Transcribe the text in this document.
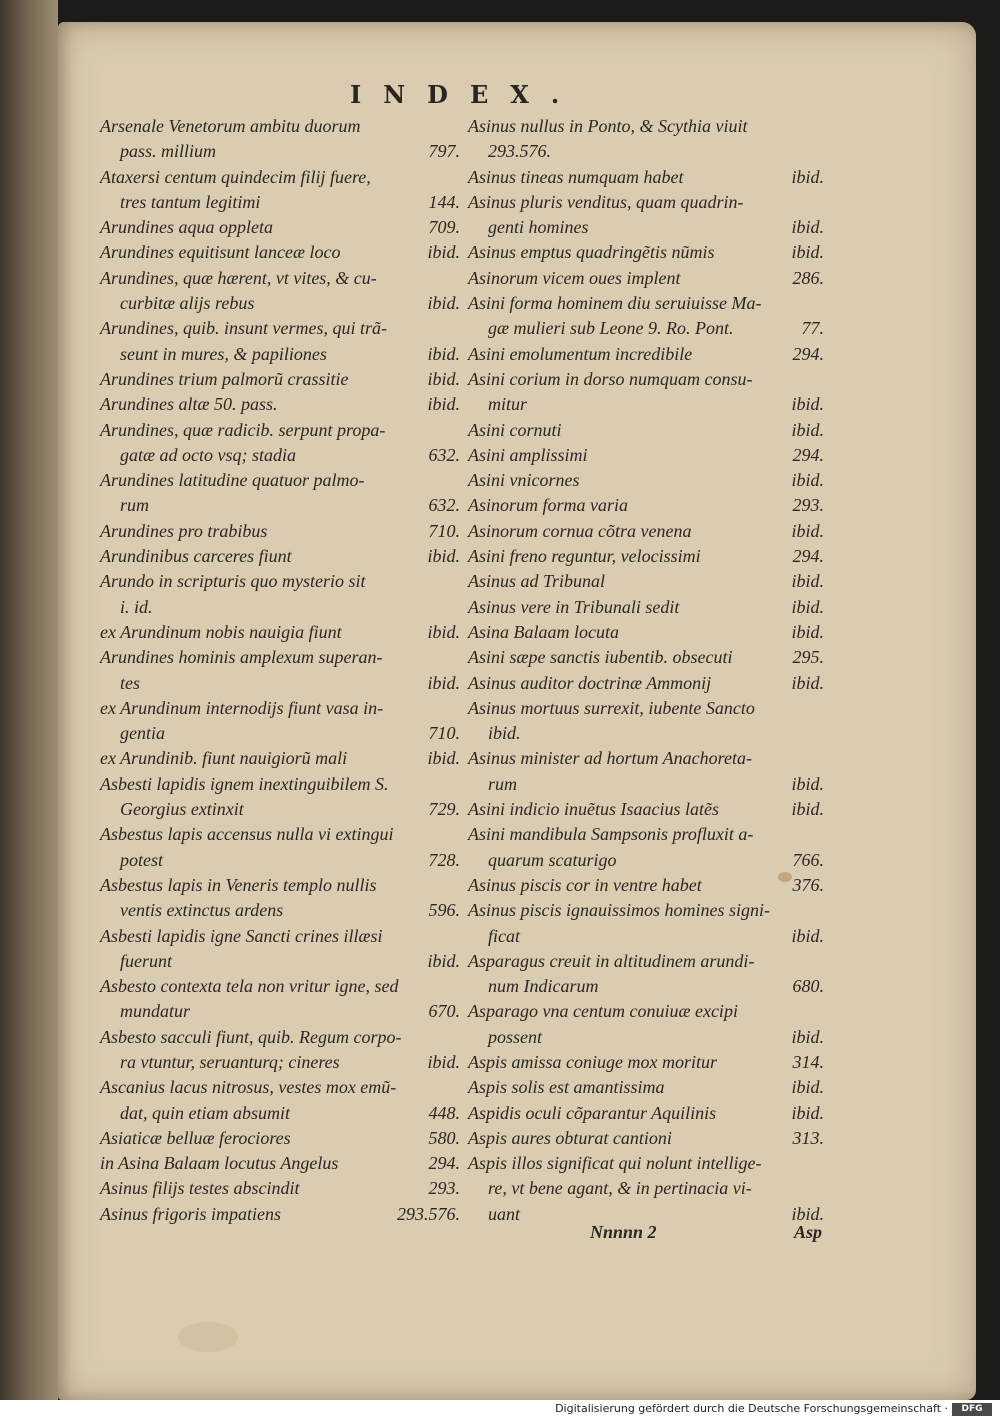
INDEX.
Arsenale Venetorum ambitu duorum
pass. millium	797.
Ataxersi centum quindecim filij fuere,
tres tantum legitimi	144.
Arundines aqua oppleta	709.
Arundines equitisunt lanceæ loco	ibid.
Arundines, quæ hærent, vt vites, & cu-
curbitæ alijs rebus	ibid.
Arundines, quib. insunt vermes, qui trã-
seunt in mures, & papiliones	ibid.
Arundines trium palmorũ crassitie	ibid.
Arundines altæ 50. pass.	ibid.
Arundines, quæ radicib. serpunt propa-
gatæ ad octo vsq; stadia	632.
Arundines latitudine quatuor palmo-
rum	632.
Arundines pro trabibus	710.
Arundinibus carceres fiunt	ibid.
Arundo in scripturis quo mysterio sit
i. id.
ex Arundinum nobis nauigia fiunt	ibid.
Arundines hominis amplexum superan-
tes	ibid.
ex Arundinum internodijs fiunt vasa in-
gentia	710.
ex Arundinib. fiunt nauigiorũ mali	ibid.
Asbesti lapidis ignem inextinguibilem S.
Georgius extinxit	729.
Asbestus lapis accensus nulla vi extingui
potest	728.
Asbestus lapis in Veneris templo nullis
ventis extinctus ardens	596.
Asbesti lapidis igne Sancti crines illæsi
fuerunt	ibid.
Asbesto contexta tela non vritur igne, sed
mundatur	670.
Asbesto sacculi fiunt, quib. Regum corpo-
ra vtuntur, seruanturq; cineres	ibid.
Ascanius lacus nitrosus, vestes mox emũ-
dat, quin etiam absumit	448.
Asiaticæ belluæ ferociores	580.
in Asina Balaam locutus Angelus	294.
Asinus filijs testes abscindit	293.
Asinus frigoris impatiens	293.576.
Asinus nullus in Ponto, & Scythia viuit
293.576.
Asinus tineas numquam habet	ibid.
Asinus pluris venditus, quam quadrin-
genti homines	ibid.
Asinus emptus quadringẽtis nũmis	ibid.
Asinorum vicem oues implent	286.
Asini forma hominem diu seruiuisse Ma-
gæ mulieri sub Leone 9. Ro. Pont.	77.
Asini emolumentum incredibile	294.
Asini corium in dorso numquam consu-
mitur	ibid.
Asini cornuti	ibid.
Asini amplissimi	294.
Asini vnicornes	ibid.
Asinorum forma varia	293.
Asinorum cornua cõtra venena	ibid.
Asini freno reguntur, velocissimi	294.
Asinus ad Tribunal	ibid.
Asinus vere in Tribunali sedit	ibid.
Asina Balaam locuta	ibid.
Asini sæpe sanctis iubentib. obsecuti	295.
Asinus auditor doctrinæ Ammonij	ibid.
Asinus mortuus surrexit, iubente Sancto
ibid.
Asinus minister ad hortum Anachoreta-
rum	ibid.
Asini indicio inuẽtus Isaacius latẽs	ibid.
Asini mandibula Sampsonis profluxit a-
quarum scaturigo	766.
Asinus piscis cor in ventre habet	376.
Asinus piscis ignauissimos homines signi-
ficat	ibid.
Asparagus creuit in altitudinem arundi-
num Indicarum	680.
Asparago vna centum conuiuæ excipi
possent	ibid.
Aspis amissa coniuge mox moritur	314.
Aspis solis est amantissima	ibid.
Aspidis oculi cõparantur Aquilinis	ibid.
Aspis aures obturat cantioni	313.
Aspis illos significat qui nolunt intellige-
re, vt bene agant, & in pertinacia vi-
uant	ibid.
Nnnnn 2	Asp
Digitalisierung gefördert durch die Deutsche Forschungsgemeinschaft ·	DFG
